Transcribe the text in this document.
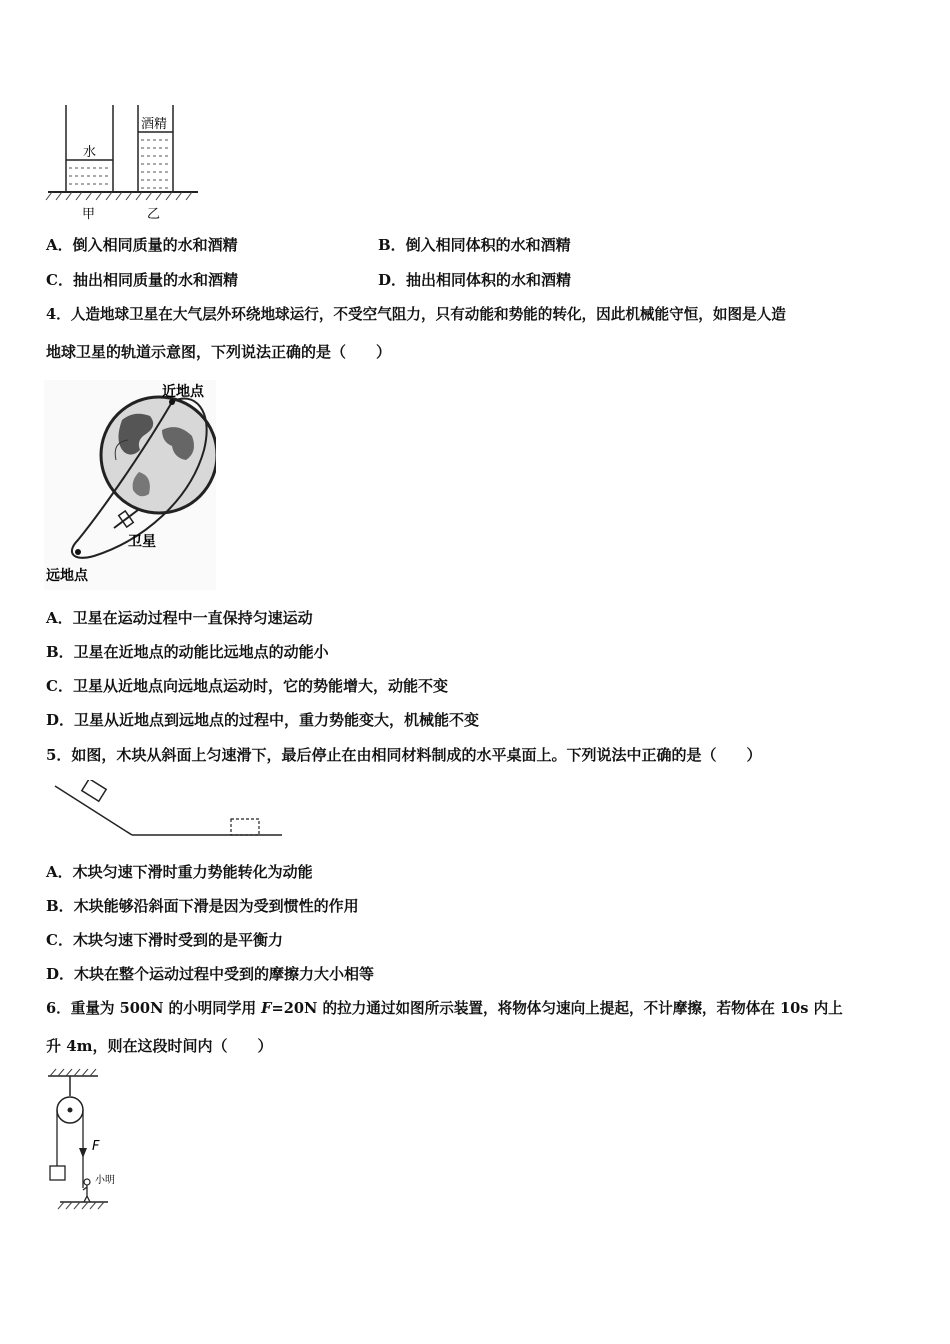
水
酒精
甲	乙
A．倒入相同质量的水和酒精	B．倒入相同体积的水和酒精
C．抽出相同质量的水和酒精	D．抽出相同体积的水和酒精
4．人造地球卫星在大气层外环绕地球运行，不受空气阻力，只有动能和势能的转化，因此机械能守恒，如图是人造
地球卫星的轨道示意图，下列说法正确的是（　　）
近地点
卫星
远地点
A．卫星在运动过程中一直保持匀速运动
B．卫星在近地点的动能比远地点的动能小
C．卫星从近地点向远地点运动时，它的势能增大，动能不变
D．卫星从近地点到远地点的过程中，重力势能变大，机械能不变
5．如图，木块从斜面上匀速滑下，最后停止在由相同材料制成的水平桌面上。下列说法中正确的是（　　）
A．木块匀速下滑时重力势能转化为动能
B．木块能够沿斜面下滑是因为受到惯性的作用
C．木块匀速下滑时受到的是平衡力
D．木块在整个运动过程中受到的摩擦力大小相等
6．重量为 500N 的小明同学用 F=20N 的拉力通过如图所示装置，将物体匀速向上提起，不计摩擦，若物体在 10s 内上
升 4m，则在这段时间内（　　）
F
小明
